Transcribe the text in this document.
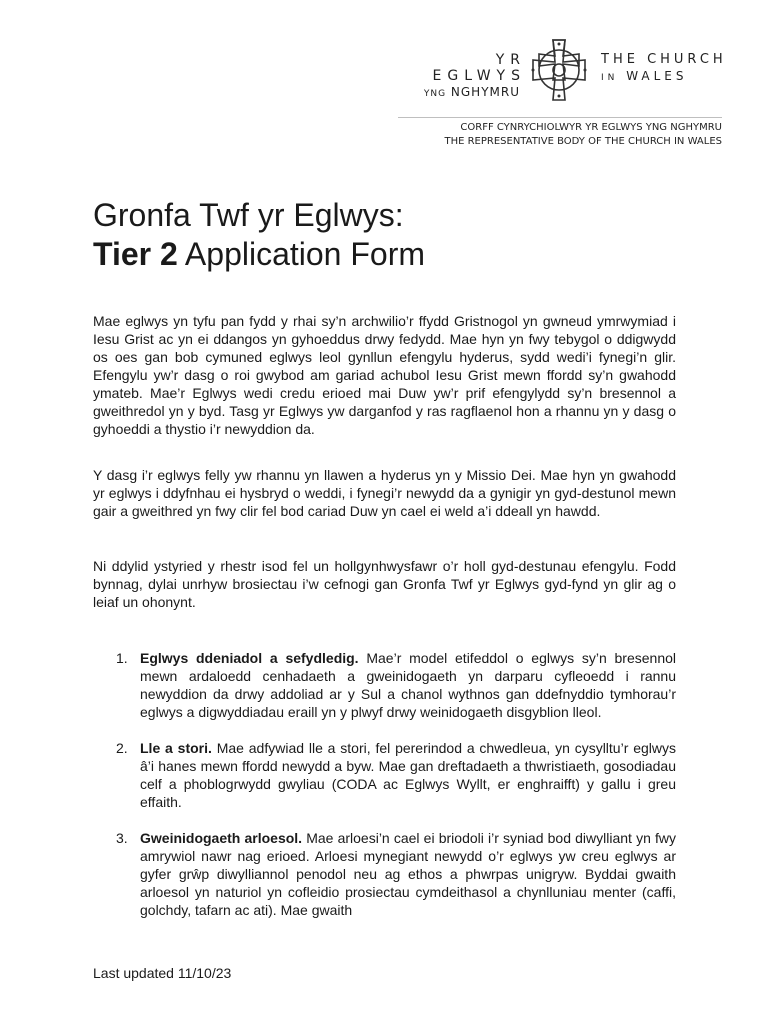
YR EGLWYS
YNG NGHYMRU
THE CHURCH
IN WALES
CORFF CYNRYCHIOLWYR YR EGLWYS YNG NGHYMRU
THE REPRESENTATIVE BODY OF THE CHURCH IN WALES
Gronfa Twf yr Eglwys:
Tier 2 Application Form

Mae eglwys yn tyfu pan fydd y rhai sy’n archwilio’r ffydd Gristnogol yn gwneud ymrwymiad i Iesu Grist ac yn ei ddangos yn gyhoeddus drwy fedydd. Mae hyn yn fwy tebygol o ddigwydd os oes gan bob cymuned eglwys leol gynllun efengylu hyderus, sydd wedi’i fynegi’n glir. Efengylu yw’r dasg o roi gwybod am gariad achubol Iesu Grist mewn ffordd sy’n gwahodd ymateb. Mae’r Eglwys wedi credu erioed mai Duw yw’r prif efengylydd sy’n bresennol a gweithredol yn y byd. Tasg yr Eglwys yw darganfod y ras ragflaenol hon a rhannu yn y dasg o gyhoeddi a thystio i’r newyddion da.

Y dasg i’r eglwys felly yw rhannu yn llawen a hyderus yn y Missio Dei. Mae hyn yn gwahodd yr eglwys i ddyfnhau ei hysbryd o weddi, i fynegi’r newydd da a gynigir yn gyd-destunol mewn gair a gweithred yn fwy clir fel bod cariad Duw yn cael ei weld a’i ddeall yn hawdd.

Ni ddylid ystyried y rhestr isod fel un hollgynhwysfawr o’r holl gyd-destunau efengylu. Fodd bynnag, dylai unrhyw brosiectau i’w cefnogi gan Gronfa Twf yr Eglwys gyd-fynd yn glir ag o leiaf un ohonynt.

1. Eglwys ddeniadol a sefydledig. Mae’r model etifeddol o eglwys sy’n bresennol mewn ardaloedd cenhadaeth a gweinidogaeth yn darparu cyfleoedd i rannu newyddion da drwy addoliad ar y Sul a chanol wythnos gan ddefnyddio tymhorau’r eglwys a digwyddiadau eraill yn y plwyf drwy weinidogaeth disgyblion lleol.
2. Lle a stori. Mae adfywiad lle a stori, fel pererindod a chwedleua, yn cysylltu’r eglwys â’i hanes mewn ffordd newydd a byw. Mae gan dreftadaeth a thwristiaeth, gosodiadau celf a phoblogrwydd gwyliau (CODA ac Eglwys Wyllt, er enghraifft) y gallu i greu effaith.
3. Gweinidogaeth arloesol. Mae arloesi’n cael ei briodoli i’r syniad bod diwylliant yn fwy amrywiol nawr nag erioed. Arloesi mynegiant newydd o’r eglwys yw creu eglwys ar gyfer grŵp diwylliannol penodol neu ag ethos a phwrpas unigryw. Byddai gwaith arloesol yn naturiol yn cofleidio prosiectau cymdeithasol a chynlluniau menter (caffi, golchdy, tafarn ac ati). Mae gwaith
Last updated 11/10/23
